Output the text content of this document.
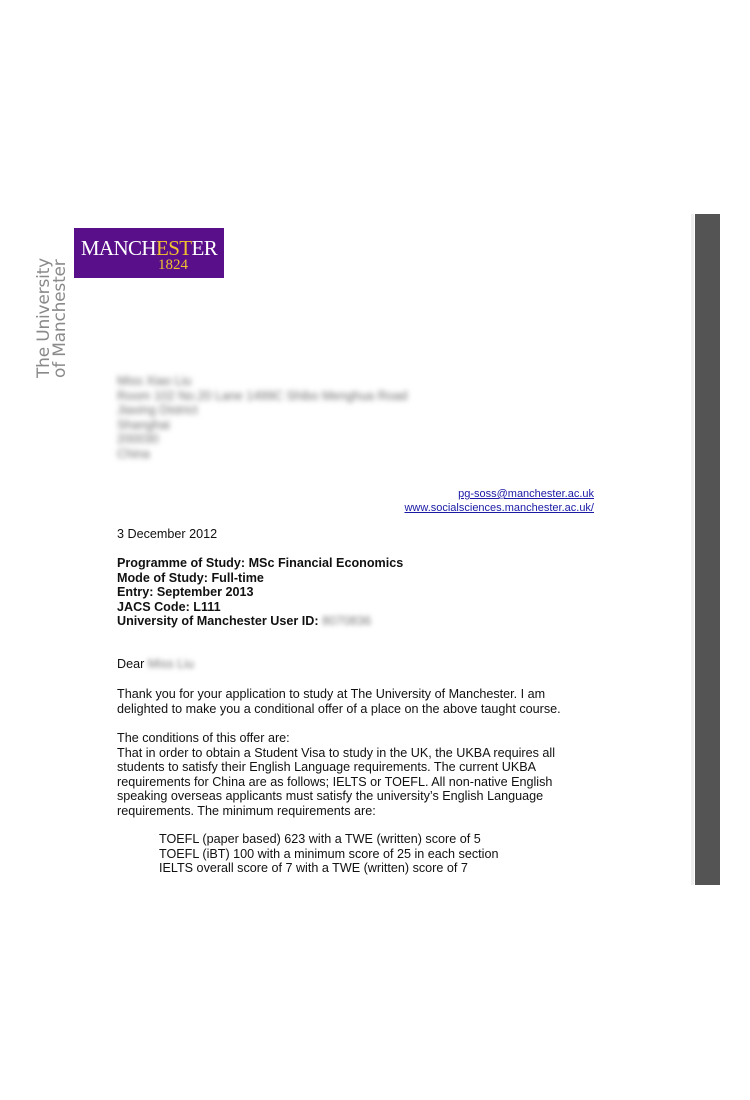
MANCHESTER
1824
The University
of Manchester
Miss Xiao Liu
Room 102 No.20 Lane 1499C Shibo Menghua Road
Jiaxing District
Shanghai
200030
China
pg-soss@manchester.ac.uk
www.socialsciences.manchester.ac.uk/
3 December 2012
Programme of Study: MSc Financial Economics
Mode of Study: Full-time
Entry: September 2013
JACS Code: L111
University of Manchester User ID: 8070836
Dear Miss Liu
Thank you for your application to study at The University of Manchester. I am delighted to make you a conditional offer of a place on the above taught course.
The conditions of this offer are:
That in order to obtain a Student Visa to study in the UK, the UKBA requires all students to satisfy their English Language requirements. The current UKBA requirements for China are as follows; IELTS or TOEFL. All non-native English speaking overseas applicants must satisfy the university’s English Language requirements. The minimum requirements are:
TOEFL (paper based) 623 with a TWE (written) score of 5
TOEFL (iBT) 100 with a minimum score of 25 in each section
IELTS overall score of 7 with a TWE (written) score of 7
